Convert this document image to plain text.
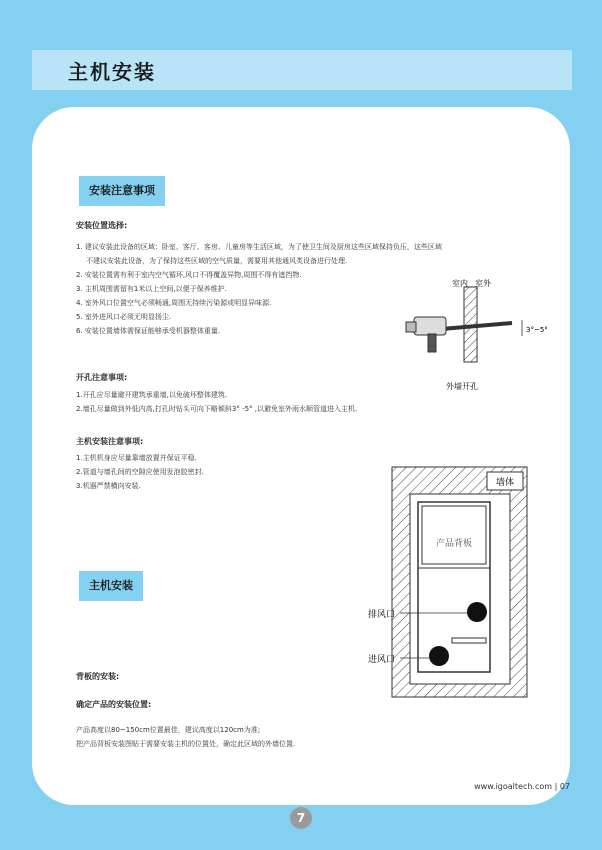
主机安装
安装注意事项
安装位置选择:
1. 建议安装此设备的区域：卧室、客厅、客房、儿童房等生活区域，为了使卫生间及厨房这些区域保持负压，这些区域
不建议安装此设备，为了保持这些区域的空气质量，需要用其他通风类设备进行处理.
2. 安装位置需有利于室内空气循环,风口不得覆盖异物,周围不得有遮挡物.
3. 主机周围需留有1米以上空间,以便于保养维护.
4. 室外风口位置空气必须畅通,周围无持续污染源或明显异味源.
5. 室外进风口必须无明显扬尘.
6. 安装位置墙体需保证能够承受机器整体重量.
开孔注意事项:
1.开孔应尽量避开建筑承重墙,以免破坏整体建筑.
2.墙孔尽量做到外低内高,打孔时钻头可向下略倾斜3° -5° ,以避免室外雨水顺管道进入主机.
主机安装注意事项:
1.主机机身应尽量靠墙放置并保证平稳.
2.管道与墙孔间的空隙应使用发泡胶密封.
3.机器严禁横向安装.
主机安装
背板的安装:
确定产品的安装位置:

产品高度以80~150cm位置最佳，建议高度以120cm为准;

把产品背板安装图贴于需要安装主机的位置处，确定此区域的外墙位置.

室内 室外
3°~5°
外墙开孔
墙体
产品背板
排风口
进风口
www.igoaltech.com | 07
7
